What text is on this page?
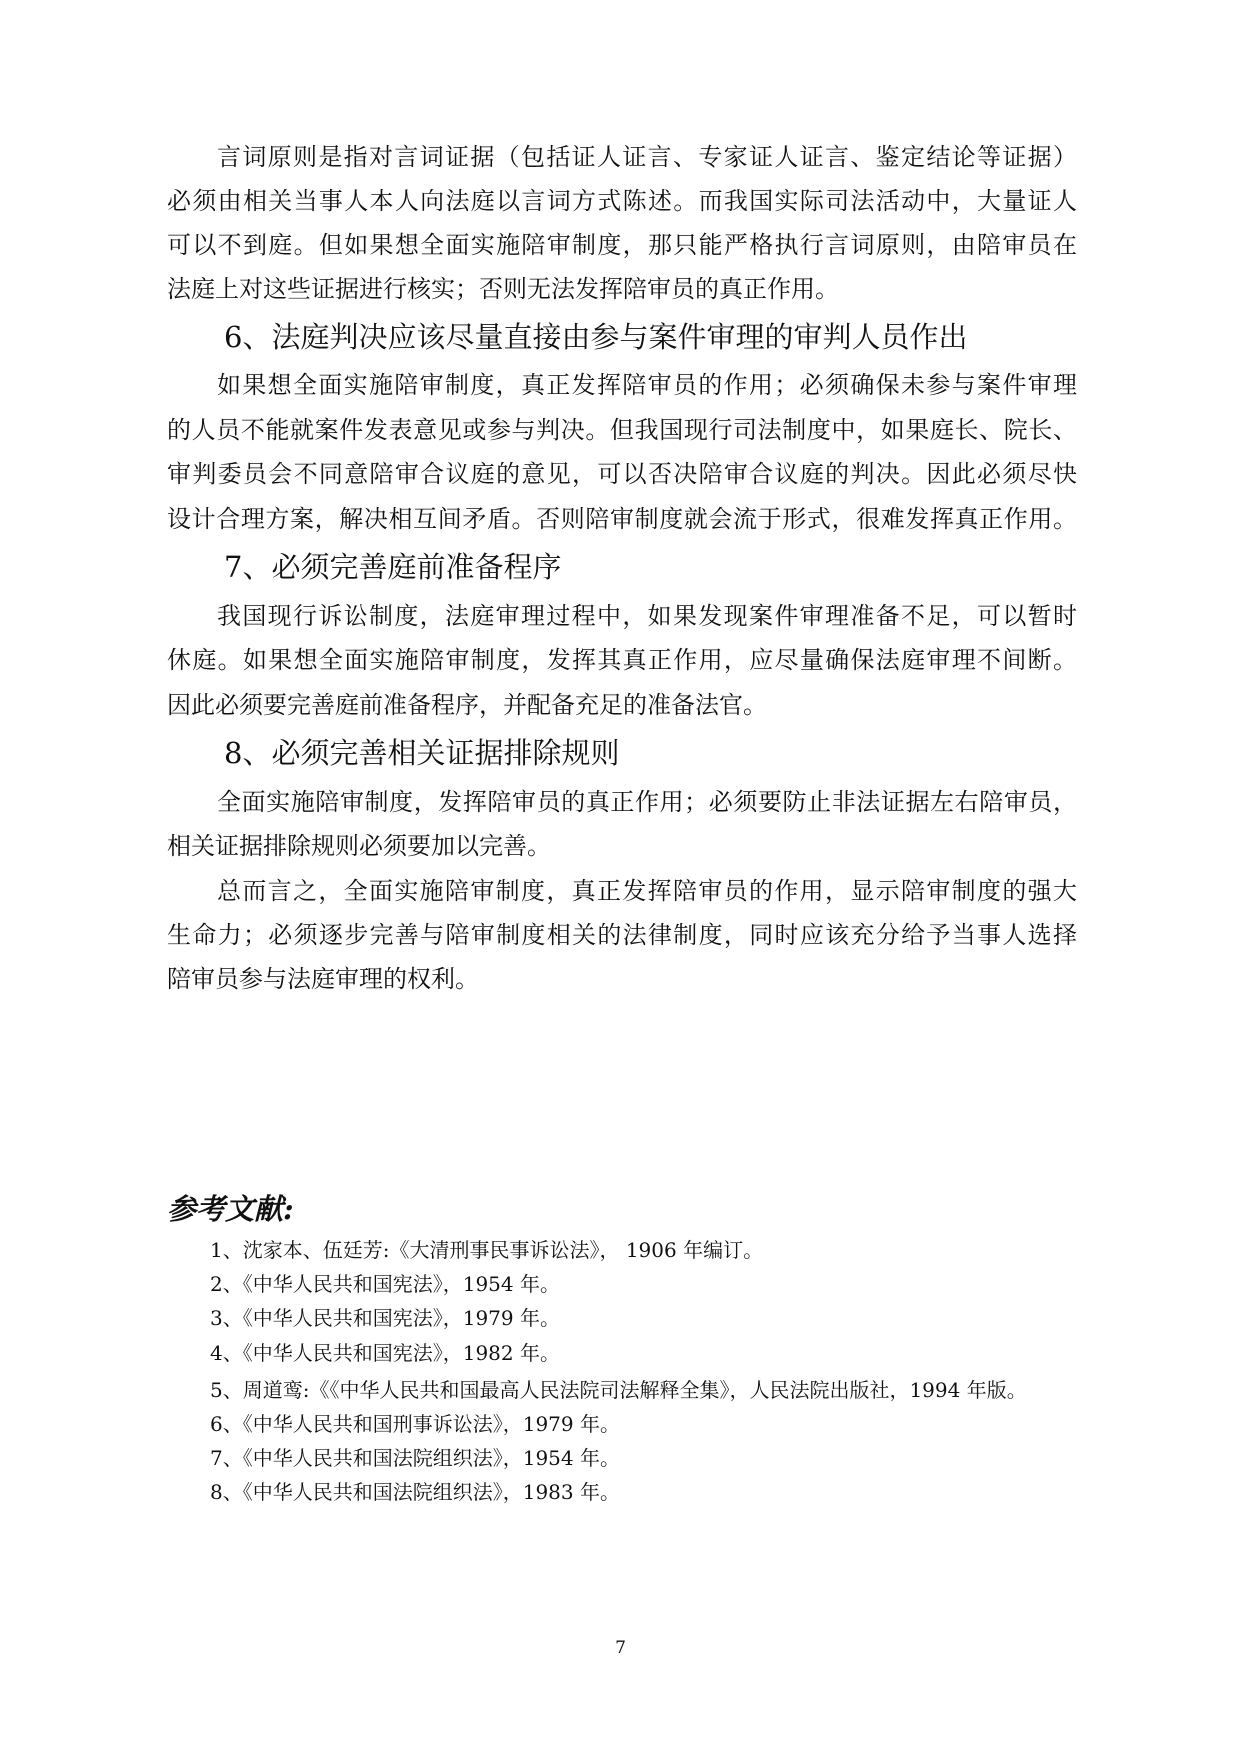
言词原则是指对言词证据（包括证人证言、专家证人证言、鉴定结论等证据）

必须由相关当事人本人向法庭以言词方式陈述。而我国实际司法活动中，大量证人

可以不到庭。但如果想全面实施陪审制度，那只能严格执行言词原则，由陪审员在

法庭上对这些证据进行核实；否则无法发挥陪审员的真正作用。

6、法庭判决应该尽量直接由参与案件审理的审判人员作出

如果想全面实施陪审制度，真正发挥陪审员的作用；必须确保未参与案件审理

的人员不能就案件发表意见或参与判决。但我国现行司法制度中，如果庭长、院长、

审判委员会不同意陪审合议庭的意见，可以否决陪审合议庭的判决。因此必须尽快

设计合理方案，解决相互间矛盾。否则陪审制度就会流于形式，很难发挥真正作用。

7、必须完善庭前准备程序

我国现行诉讼制度，法庭审理过程中，如果发现案件审理准备不足，可以暂时

休庭。如果想全面实施陪审制度，发挥其真正作用，应尽量确保法庭审理不间断。

因此必须要完善庭前准备程序，并配备充足的准备法官。

8、必须完善相关证据排除规则

全面实施陪审制度，发挥陪审员的真正作用；必须要防止非法证据左右陪审员，

相关证据排除规则必须要加以完善。

总而言之，全面实施陪审制度，真正发挥陪审员的作用，显示陪审制度的强大

生命力；必须逐步完善与陪审制度相关的法律制度，同时应该充分给予当事人选择

陪审员参与法庭审理的权利。

参考文献:

1、沈家本、伍廷芳:《大清刑事民事诉讼法》， 1906 年编订。

2、《中华人民共和国宪法》，1954 年。

3、《中华人民共和国宪法》，1979 年。

4、《中华人民共和国宪法》，1982 年。

5、周道鸾:《《中华人民共和国最高人民法院司法解释全集》，人民法院出版社，1994 年版。

6、《中华人民共和国刑事诉讼法》，1979 年。

7、《中华人民共和国法院组织法》，1954 年。

8、《中华人民共和国法院组织法》，1983 年。

7
